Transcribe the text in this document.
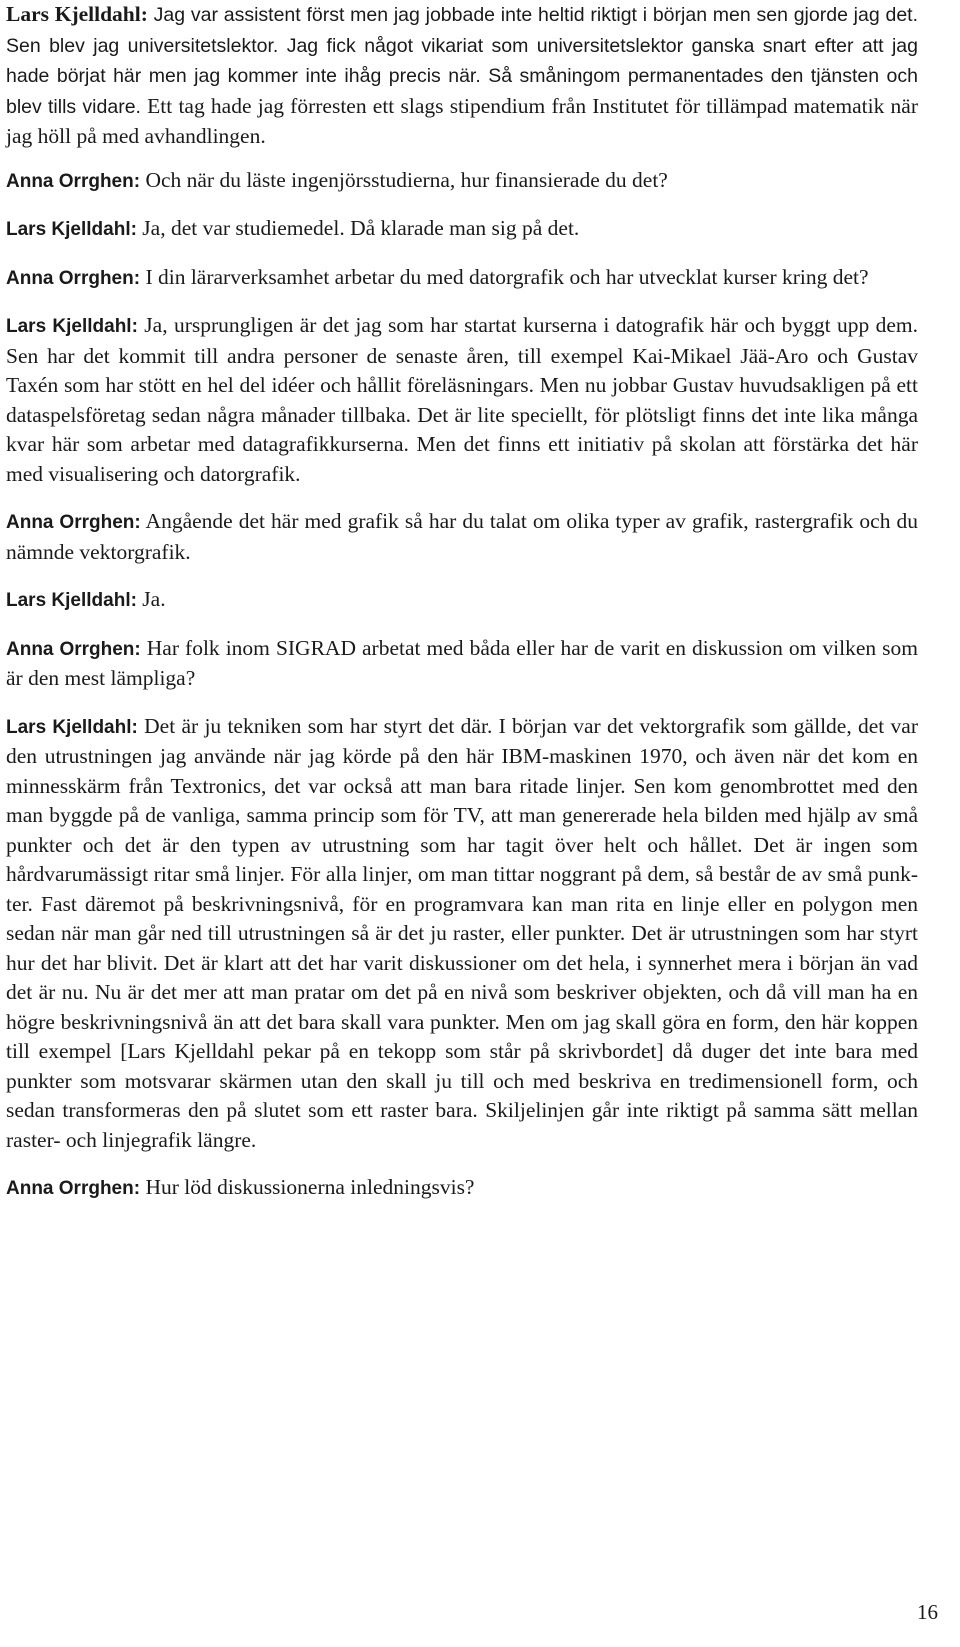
Lars Kjelldahl: Jag var assistent först men jag jobbade inte heltid riktigt i början men sen gjorde jag det. Sen blev jag universitetslektor. Jag fick något vikariat som universitetslektor ganska snart efter att jag hade börjat här men jag kommer inte ihåg precis när. Så småningom permanentades den tjänsten och blev tills vidare. Ett tag hade jag förresten ett slags stipendium från Institutet för tillämpad matematik när jag höll på med avhandlingen.

Anna Orrghen: Och när du läste ingenjörsstudierna, hur finansierade du det?

Lars Kjelldahl: Ja, det var studiemedel. Då klarade man sig på det.

Anna Orrghen: I din lärarverksamhet arbetar du med datorgrafik och har utvecklat kurser kring det?

Lars Kjelldahl: Ja, ursprungligen är det jag som har startat kurserna i datografik här och byggt upp dem. Sen har det kommit till andra personer de senaste åren, till exempel Kai-Mikael Jää-Aro och Gustav Taxén som har stött en hel del idéer och hållit föreläsningars. Men nu jobbar Gustav huvudsakligen på ett dataspelsföretag sedan några månader tillbaka. Det är lite speciellt, för plötsligt finns det inte lika många kvar här som arbetar med datagrafikkurserna. Men det finns ett initiativ på skolan att förstärka det här med visualisering och datorgrafik.

Anna Orrghen: Angående det här med grafik så har du talat om olika typer av grafik, rastergrafik och du nämnde vektorgrafik.

Lars Kjelldahl: Ja.

Anna Orrghen: Har folk inom SIGRAD arbetat med båda eller har de varit en diskussion om vilken som är den mest lämpliga?

Lars Kjelldahl: Det är ju tekniken som har styrt det där. I början var det vektorgrafik som gällde, det var den utrustningen jag använde när jag körde på den här IBM-maskinen 1970, och även när det kom en minnesskärm från Textronics, det var också att man bara ritade linjer. Sen kom genombrottet med den man byggde på de vanliga, samma princip som för TV, att man genererade hela bilden med hjälp av små punkter och det är den typen av utrustning som har tagit över helt och hållet. Det är ingen som hårdvarumässigt ritar små linjer. För alla linjer, om man tittar noggrant på dem, så består de av små punkter. Fast däremot på beskrivningsnivå, för en programvara kan man rita en linje eller en polygon men sedan när man går ned till utrustningen så är det ju raster, eller punkter. Det är utrustningen som har styrt hur det har blivit. Det är klart att det har varit diskussioner om det hela, i synnerhet mera i början än vad det är nu. Nu är det mer att man pratar om det på en nivå som beskriver objekten, och då vill man ha en högre beskrivningsnivå än att det bara skall vara punkter. Men om jag skall göra en form, den här koppen till exempel [Lars Kjelldahl pekar på en tekopp som står på skrivbordet] då duger det inte bara med punkter som motsvarar skärmen utan den skall ju till och med beskriva en tredimensionell form, och sedan transformeras den på slutet som ett raster bara. Skiljelinjen går inte riktigt på samma sätt mellan raster- och linjegrafik längre.

Anna Orrghen: Hur löd diskussionerna inledningsvis?

16
